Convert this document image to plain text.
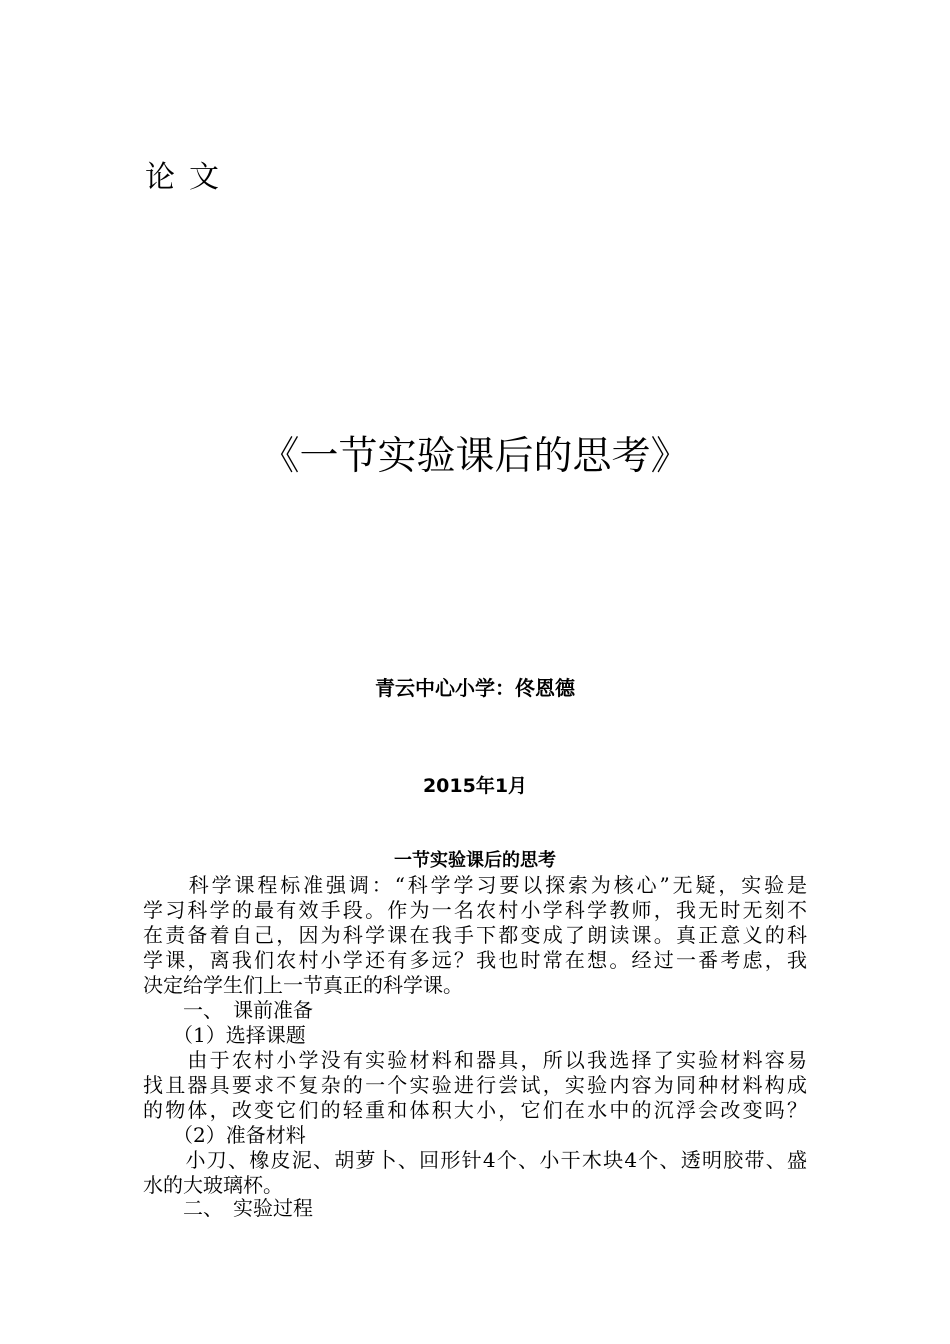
论文
《一节实验课后的思考》
青云中心小学：佟恩德
2015年1月
一节实验课后的思考
　　科学课程标准强调：“科学学习要以探索为核心”无疑，实验是
学习科学的最有效手段。作为一名农村小学科学教师，我无时无刻不
在责备着自己，因为科学课在我手下都变成了朗读课。真正意义的科
学课，离我们农村小学还有多远？我也时常在想。经过一番考虑，我
决定给学生们上一节真正的科学课。
　　一、　课前准备
　　（1）选择课题
　　由于农村小学没有实验材料和器具，所以我选择了实验材料容易
找且器具要求不复杂的一个实验进行尝试，实验内容为同种材料构成
的物体，改变它们的轻重和体积大小，它们在水中的沉浮会改变吗？
　　（2）准备材料
　　小刀、橡皮泥、胡萝卜、回形针4个、小干木块4个、透明胶带、盛
水的大玻璃杯。
　　二、　实验过程
